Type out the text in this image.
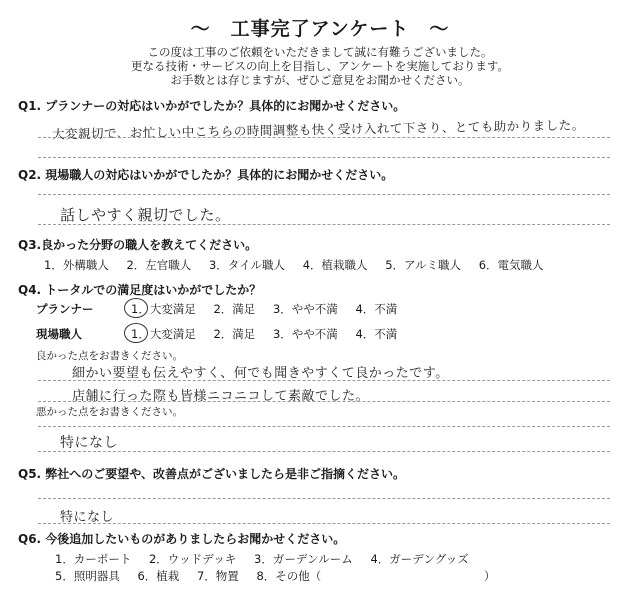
〜　工事完了アンケート　〜
この度は工事のご依頼をいただきまして誠に有難うございました。
更なる技術・サービスの向上を目指し、アンケートを実施しております。
お手数とは存じますが、ぜひご意見をお聞かせください。
Q1. プランナーの対応はいかがでしたか？具体的にお聞かせください。
大変親切で、お忙しい中こちらの時間調整も快く受け入れて下さり、とても助かりました。
Q2. 現場職人の対応はいかがでしたか？具体的にお聞かせください。
話しやすく親切でした。
Q3.良かった分野の職人を教えてください。
1．外構職人 2．左官職人 3．タイル職人 4．植栽職人 5．アルミ職人 6．電気職人
Q4. トータルでの満足度はいかがでしたか？
プランナー	1．大変満足 2．満足 3．やや不満 4．不満
現場職人	1．大変満足 2．満足 3．やや不満 4．不満
良かった点をお書きください。
細かい要望も伝えやすく、何でも聞きやすくて良かったです。
店舗に行った際も皆様ニコニコして素敵でした。
悪かった点をお書きください。
特になし
Q5. 弊社へのご要望や、改善点がございましたら是非ご指摘ください。
特になし
Q6. 今後追加したいものがありましたらお聞かせください。
1．カーポート 2．ウッドデッキ 3．ガーデンルーム 4．ガーデングッズ
5．照明器具 6．植栽 7．物置 8．その他（	）
